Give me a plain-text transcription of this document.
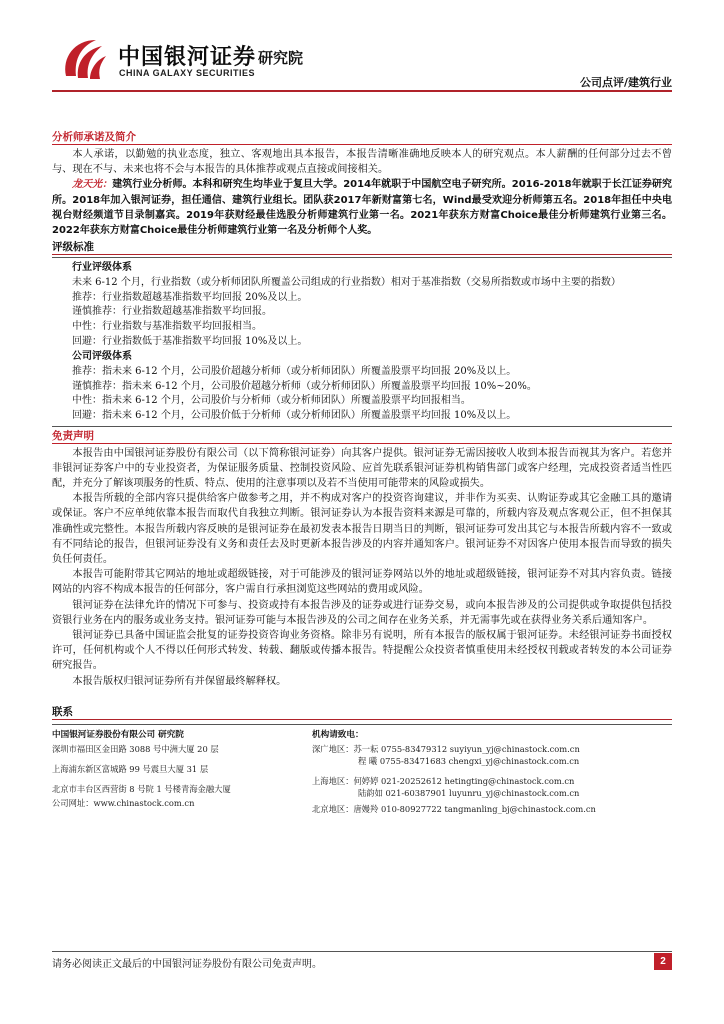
中国银河证券
CHINA GALAXY SECURITIES
研究院
公司点评/建筑行业
分析师承诺及简介

本人承诺，以勤勉的执业态度，独立、客观地出具本报告，本报告清晰准确地反映本人的研究观点。本人薪酬的任何部分过去不曾与、现在不与、未来也将不会与本报告的具体推荐或观点直接或间接相关。

龙天光：建筑行业分析师。本科和研究生均毕业于复旦大学。2014年就职于中国航空电子研究所。2016-2018年就职于长江证券研究所。2018年加入银河证券，担任通信、建筑行业组长。团队获2017年新财富第七名，Wind最受欢迎分析师第五名。2018年担任中央电视台财经频道节目录制嘉宾。2019年获财经最佳选股分析师建筑行业第一名。2021年获东方财富Choice最佳分析师建筑行业第三名。2022年获东方财富Choice最佳分析师建筑行业第一名及分析师个人奖。

评级标准
行业评级体系
未来 6-12 个月，行业指数（或分析师团队所覆盖公司组成的行业指数）相对于基准指数（交易所指数或市场中主要的指数）
推荐：行业指数超越基准指数平均回报 20%及以上。
谨慎推荐：行业指数超越基准指数平均回报。
中性：行业指数与基准指数平均回报相当。
回避：行业指数低于基准指数平均回报 10%及以上。
公司评级体系
推荐：指未来 6-12 个月，公司股价超越分析师（或分析师团队）所覆盖股票平均回报 20%及以上。
谨慎推荐：指未来 6-12 个月，公司股价超越分析师（或分析师团队）所覆盖股票平均回报 10%~20%。
中性：指未来 6-12 个月，公司股价与分析师（或分析师团队）所覆盖股票平均回报相当。
回避：指未来 6-12 个月，公司股价低于分析师（或分析师团队）所覆盖股票平均回报 10%及以上。
免责声明

本报告由中国银河证券股份有限公司（以下简称银河证券）向其客户提供。银河证券无需因接收人收到本报告而视其为客户。若您并非银河证券客户中的专业投资者，为保证服务质量、控制投资风险、应首先联系银河证券机构销售部门或客户经理，完成投资者适当性匹配，并充分了解该项服务的性质、特点、使用的注意事项以及若不当使用可能带来的风险或损失。

本报告所载的全部内容只提供给客户做参考之用，并不构成对客户的投资咨询建议，并非作为买卖、认购证券或其它金融工具的邀请或保证。客户不应单纯依靠本报告而取代自我独立判断。银河证券认为本报告资料来源是可靠的，所载内容及观点客观公正，但不担保其准确性或完整性。本报告所载内容反映的是银河证券在最初发表本报告日期当日的判断，银河证券可发出其它与本报告所载内容不一致或有不同结论的报告，但银河证券没有义务和责任去及时更新本报告涉及的内容并通知客户。银河证券不对因客户使用本报告而导致的损失负任何责任。

本报告可能附带其它网站的地址或超级链接，对于可能涉及的银河证券网站以外的地址或超级链接，银河证券不对其内容负责。链接网站的内容不构成本报告的任何部分，客户需自行承担浏览这些网站的费用或风险。

银河证券在法律允许的情况下可参与、投资或持有本报告涉及的证券或进行证券交易，或向本报告涉及的公司提供或争取提供包括投资银行业务在内的服务或业务支持。银河证券可能与本报告涉及的公司之间存在业务关系，并无需事先或在获得业务关系后通知客户。

银河证券已具备中国证监会批复的证券投资咨询业务资格。除非另有说明，所有本报告的版权属于银河证券。未经银河证券书面授权许可，任何机构或个人不得以任何形式转发、转载、翻版或传播本报告。特提醒公众投资者慎重使用未经授权刊载或者转发的本公司证券研究报告。

本报告版权归银河证券所有并保留最终解释权。

联系
中国银河证券股份有限公司 研究院
深圳市福田区金田路 3088 号中洲大厦 20 层
上海浦东新区富城路 99 号震旦大厦 31 层
北京市丰台区西营街 8 号院 1 号楼青海金融大厦
公司网址：www.chinastock.com.cn
机构请致电：
深广地区：苏一耘 0755-83479312 suyiyun_yj@chinastock.com.cn
程 曦 0755-83471683 chengxi_yj@chinastock.com.cn
上海地区：何婷婷 021-20252612 hetingting@chinastock.com.cn
陆韵如 021-60387901 luyunru_yj@chinastock.com.cn
北京地区：唐嫚羚 010-80927722 tangmanling_bj@chinastock.com.cn
请务必阅读正文最后的中国银河证券股份有限公司免责声明。	2
